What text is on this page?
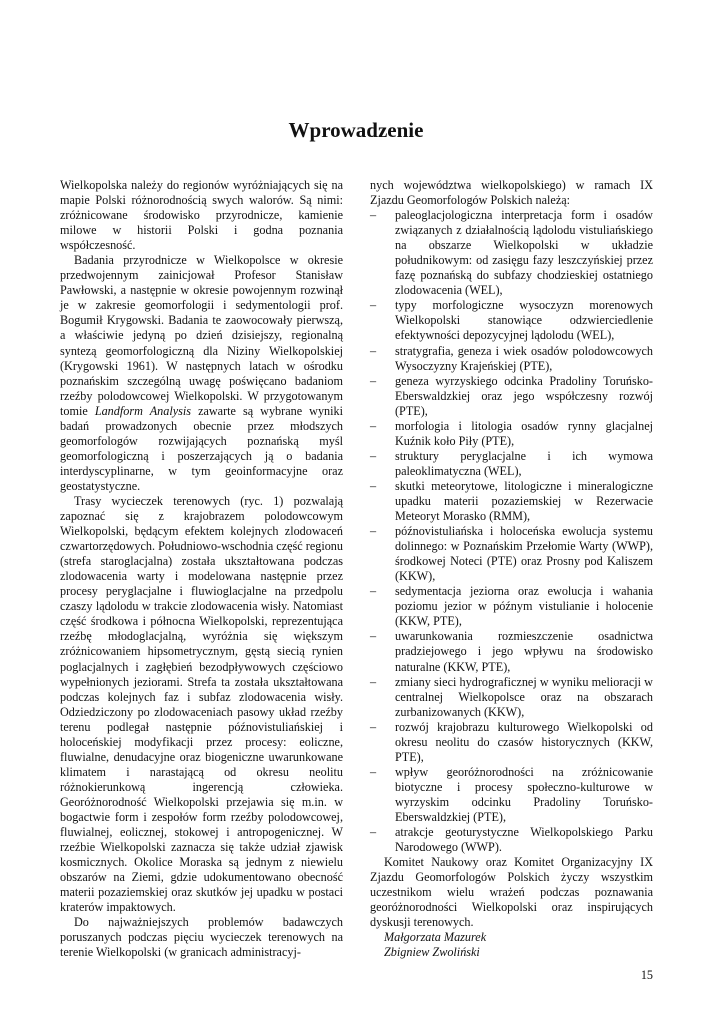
Wprowadzenie

Wielkopolska należy do regionów wyróżniających się na mapie Polski różnorodnością swych walorów. Są nimi: zróżnicowane środowisko przyrodnicze, kamienie milowe w historii Polski i godna poznania współczesność.

Badania przyrodnicze w Wielkopolsce w okresie przedwojennym zainicjował Profesor Stanisław Pawłowski, a następnie w okresie powojennym rozwinął je w zakresie geomorfologii i sedymentologii prof. Bogumił Krygowski. Badania te zaowocowały pierwszą, a właściwie jedyną po dzień dzisiejszy, regionalną syntezą geomorfologiczną dla Niziny Wielkopolskiej (Krygowski 1961). W następnych latach w ośrodku poznańskim szczególną uwagę poświęcano badaniom rzeźby polodowcowej Wielkopolski. W przygotowanym tomie Landform Analysis zawarte są wybrane wyniki badań prowadzonych obecnie przez młodszych geomorfologów rozwijających poznańską myśl geomorfologiczną i poszerzających ją o badania interdyscyplinarne, w tym geoinformacyjne oraz geostatystyczne.

Trasy wycieczek terenowych (ryc. 1) pozwalają zapoznać się z krajobrazem polodowcowym Wielkopolski, będącym efektem kolejnych zlodowaceń czwartorzędowych. Południowo-wschodnia część regionu (strefa staroglacjalna) została ukształtowana podczas zlodowacenia warty i modelowana następnie przez procesy peryglacjalne i fluwioglacjalne na przedpolu czaszy lądolodu w trakcie zlodowacenia wisły. Natomiast część środkowa i północna Wielkopolski, reprezentująca rzeźbę młodoglacjalną, wyróżnia się większym zróżnicowaniem hipsometrycznym, gęstą siecią rynien poglacjalnych i zagłębień bezodpływowych częściowo wypełnionych jeziorami. Strefa ta została ukształtowana podczas kolejnych faz i subfaz zlodowacenia wisły. Odziedziczony po zlodowaceniach pasowy układ rzeźby terenu podlegał następnie późnovistuliańskiej i holoceńskiej modyfikacji przez procesy: eoliczne, fluwialne, denudacyjne oraz biogeniczne uwarunkowane klimatem i narastającą od okresu neolitu różnokierunkową ingerencją człowieka. Georóżnorodność Wielkopolski przejawia się m.in. w bogactwie form i zespołów form rzeźby polodowcowej, fluwialnej, eolicznej, stokowej i antropogenicznej. W rzeźbie Wielkopolski zaznacza się także udział zjawisk kosmicznych. Okolice Moraska są jednym z niewielu obszarów na Ziemi, gdzie udokumentowano obecność materii pozaziemskiej oraz skutków jej upadku w postaci kraterów impaktowych.

Do najważniejszych problemów badawczych poruszanych podczas pięciu wycieczek terenowych na terenie Wielkopolski (w granicach administracyj-

nych województwa wielkopolskiego) w ramach IX Zjazdu Geomorfologów Polskich należą:

– paleoglacjologiczna interpretacja form i osadów związanych z działalnością lądolodu vistuliańskiego na obszarze Wielkopolski w układzie południkowym: od zasięgu fazy leszczyńskiej przez fazę poznańską do subfazy chodzieskiej ostatniego zlodowacenia (WEL),
– typy morfologiczne wysoczyzn morenowych Wielkopolski stanowiące odzwierciedlenie efektywności depozycyjnej lądolodu (WEL),
– stratygrafia, geneza i wiek osadów polodowcowych Wysoczyzny Krajeńskiej (PTE),
– geneza wyrzyskiego odcinka Pradoliny Toruńsko-Eberswaldzkiej oraz jego współczesny rozwój (PTE),
– morfologia i litologia osadów rynny glacjalnej Kuźnik koło Piły (PTE),
– struktury peryglacjalne i ich wymowa paleoklimatyczna (WEL),
– skutki meteorytowe, litologiczne i mineralogiczne upadku materii pozaziemskiej w Rezerwacie Meteoryt Morasko (RMM),
– późnovistuliańska i holoceńska ewolucja systemu dolinnego: w Poznańskim Przełomie Warty (WWP), środkowej Noteci (PTE) oraz Prosny pod Kaliszem (KKW),
– sedymentacja jeziorna oraz ewolucja i wahania poziomu jezior w późnym vistulianie i holocenie (KKW, PTE),
– uwarunkowania rozmieszczenie osadnictwa pradziejowego i jego wpływu na środowisko naturalne (KKW, PTE),
– zmiany sieci hydrograficznej w wyniku melioracji w centralnej Wielkopolsce oraz na obszarach zurbanizowanych (KKW),
– rozwój krajobrazu kulturowego Wielkopolski od okresu neolitu do czasów historycznych (KKW, PTE),
– wpływ georóżnorodności na zróżnicowanie biotyczne i procesy społeczno-kulturowe w wyrzyskim odcinku Pradoliny Toruńsko-Eberswaldzkiej (PTE),
– atrakcje geoturystyczne Wielkopolskiego Parku Narodowego (WWP).

Komitet Naukowy oraz Komitet Organizacyjny IX Zjazdu Geomorfologów Polskich życzy wszystkim uczestnikom wielu wrażeń podczas poznawania georóżnorodności Wielkopolski oraz inspirujących dyskusji terenowych.

Małgorzata Mazurek

Zbigniew Zwoliński

15
